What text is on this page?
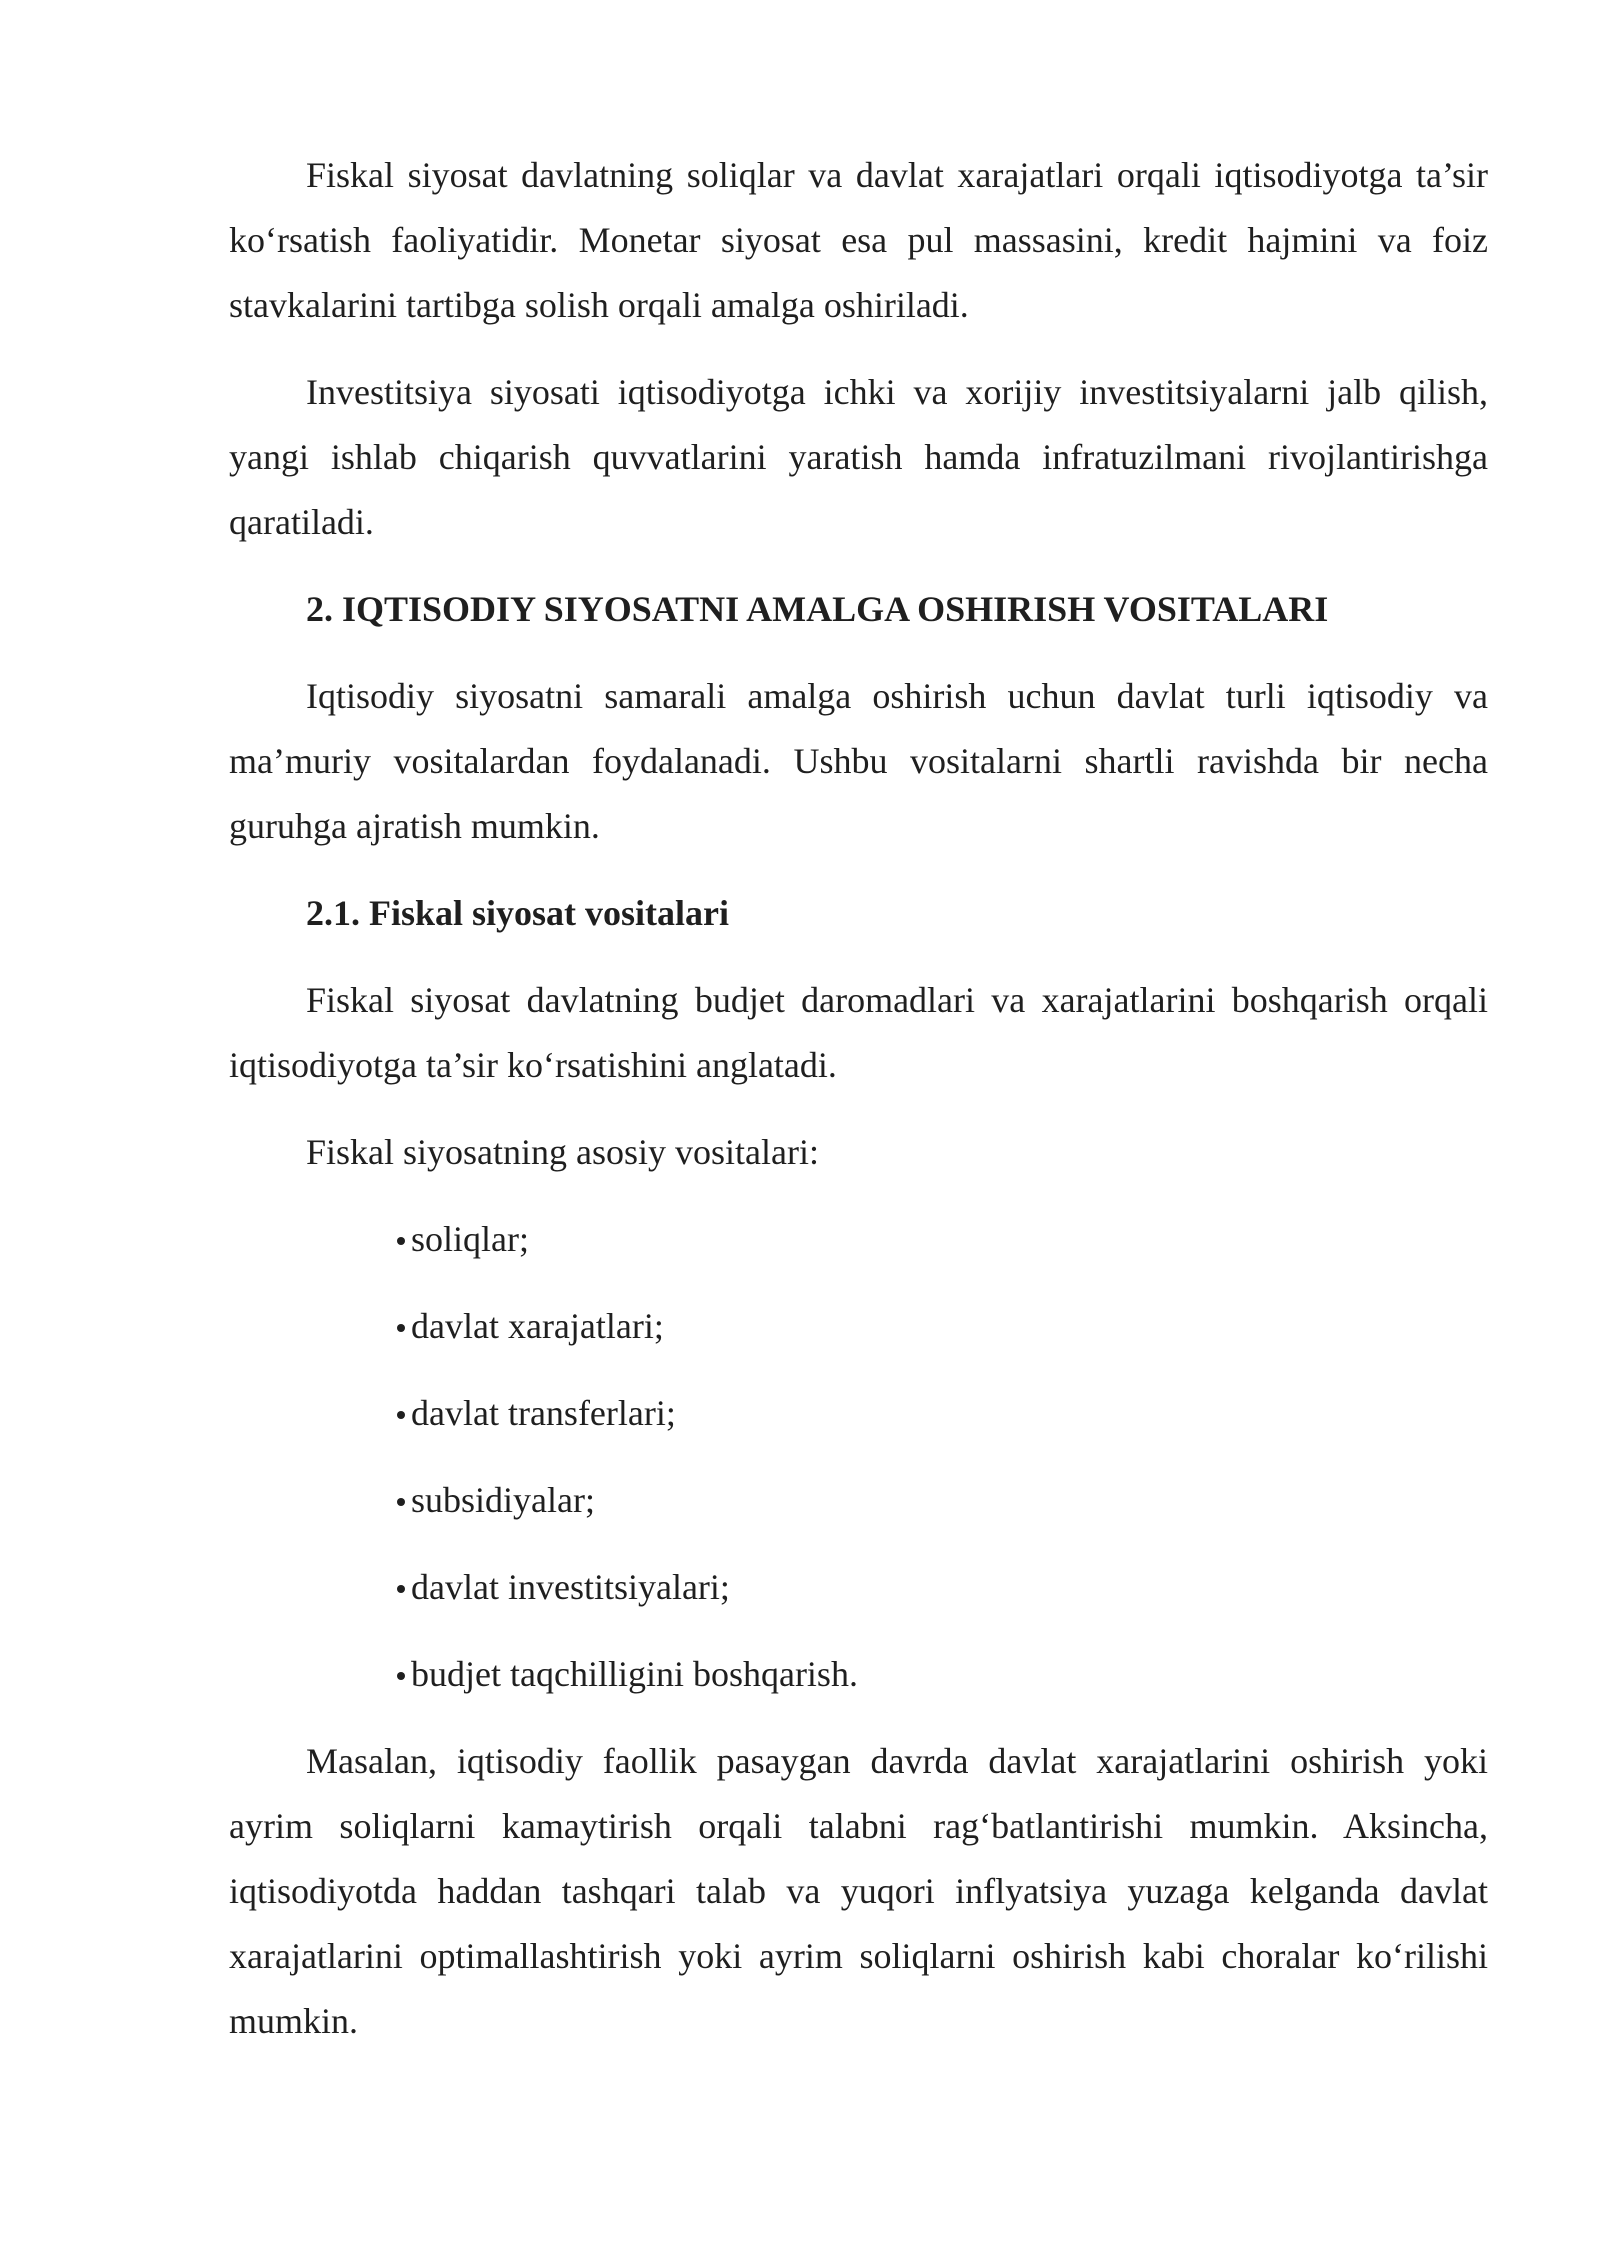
Fiskal siyosat davlatning soliqlar va davlat xarajatlari orqali iqtisodiyotga ta’sir ko‘rsatish faoliyatidir. Monetar siyosat esa pul massasini, kredit hajmini va foiz stavkalarini tartibga solish orqali amalga oshiriladi.

Investitsiya siyosati iqtisodiyotga ichki va xorijiy investitsiyalarni jalb qilish, yangi ishlab chiqarish quvvatlarini yaratish hamda infratuzilmani rivojlantirishga qaratiladi.

2. IQTISODIY SIYOSATNI AMALGA OSHIRISH VOSITALARI

Iqtisodiy siyosatni samarali amalga oshirish uchun davlat turli iqtisodiy va ma’muriy vositalardan foydalanadi. Ushbu vositalarni shartli ravishda bir necha guruhga ajratish mumkin.

2.1. Fiskal siyosat vositalari

Fiskal siyosat davlatning budjet daromadlari va xarajatlarini boshqarish orqali iqtisodiyotga ta’sir ko‘rsatishini anglatadi.

Fiskal siyosatning asosiy vositalari:

soliqlar;
davlat xarajatlari;
davlat transferlari;
subsidiyalar;
davlat investitsiyalari;
budjet taqchilligini boshqarish.

Masalan, iqtisodiy faollik pasaygan davrda davlat xarajatlarini oshirish yoki ayrim soliqlarni kamaytirish orqali talabni rag‘batlantirishi mumkin. Aksincha, iqtisodiyotda haddan tashqari talab va yuqori inflyatsiya yuzaga kelganda davlat xarajatlarini optimallashtirish yoki ayrim soliqlarni oshirish kabi choralar ko‘rilishi mumkin.
